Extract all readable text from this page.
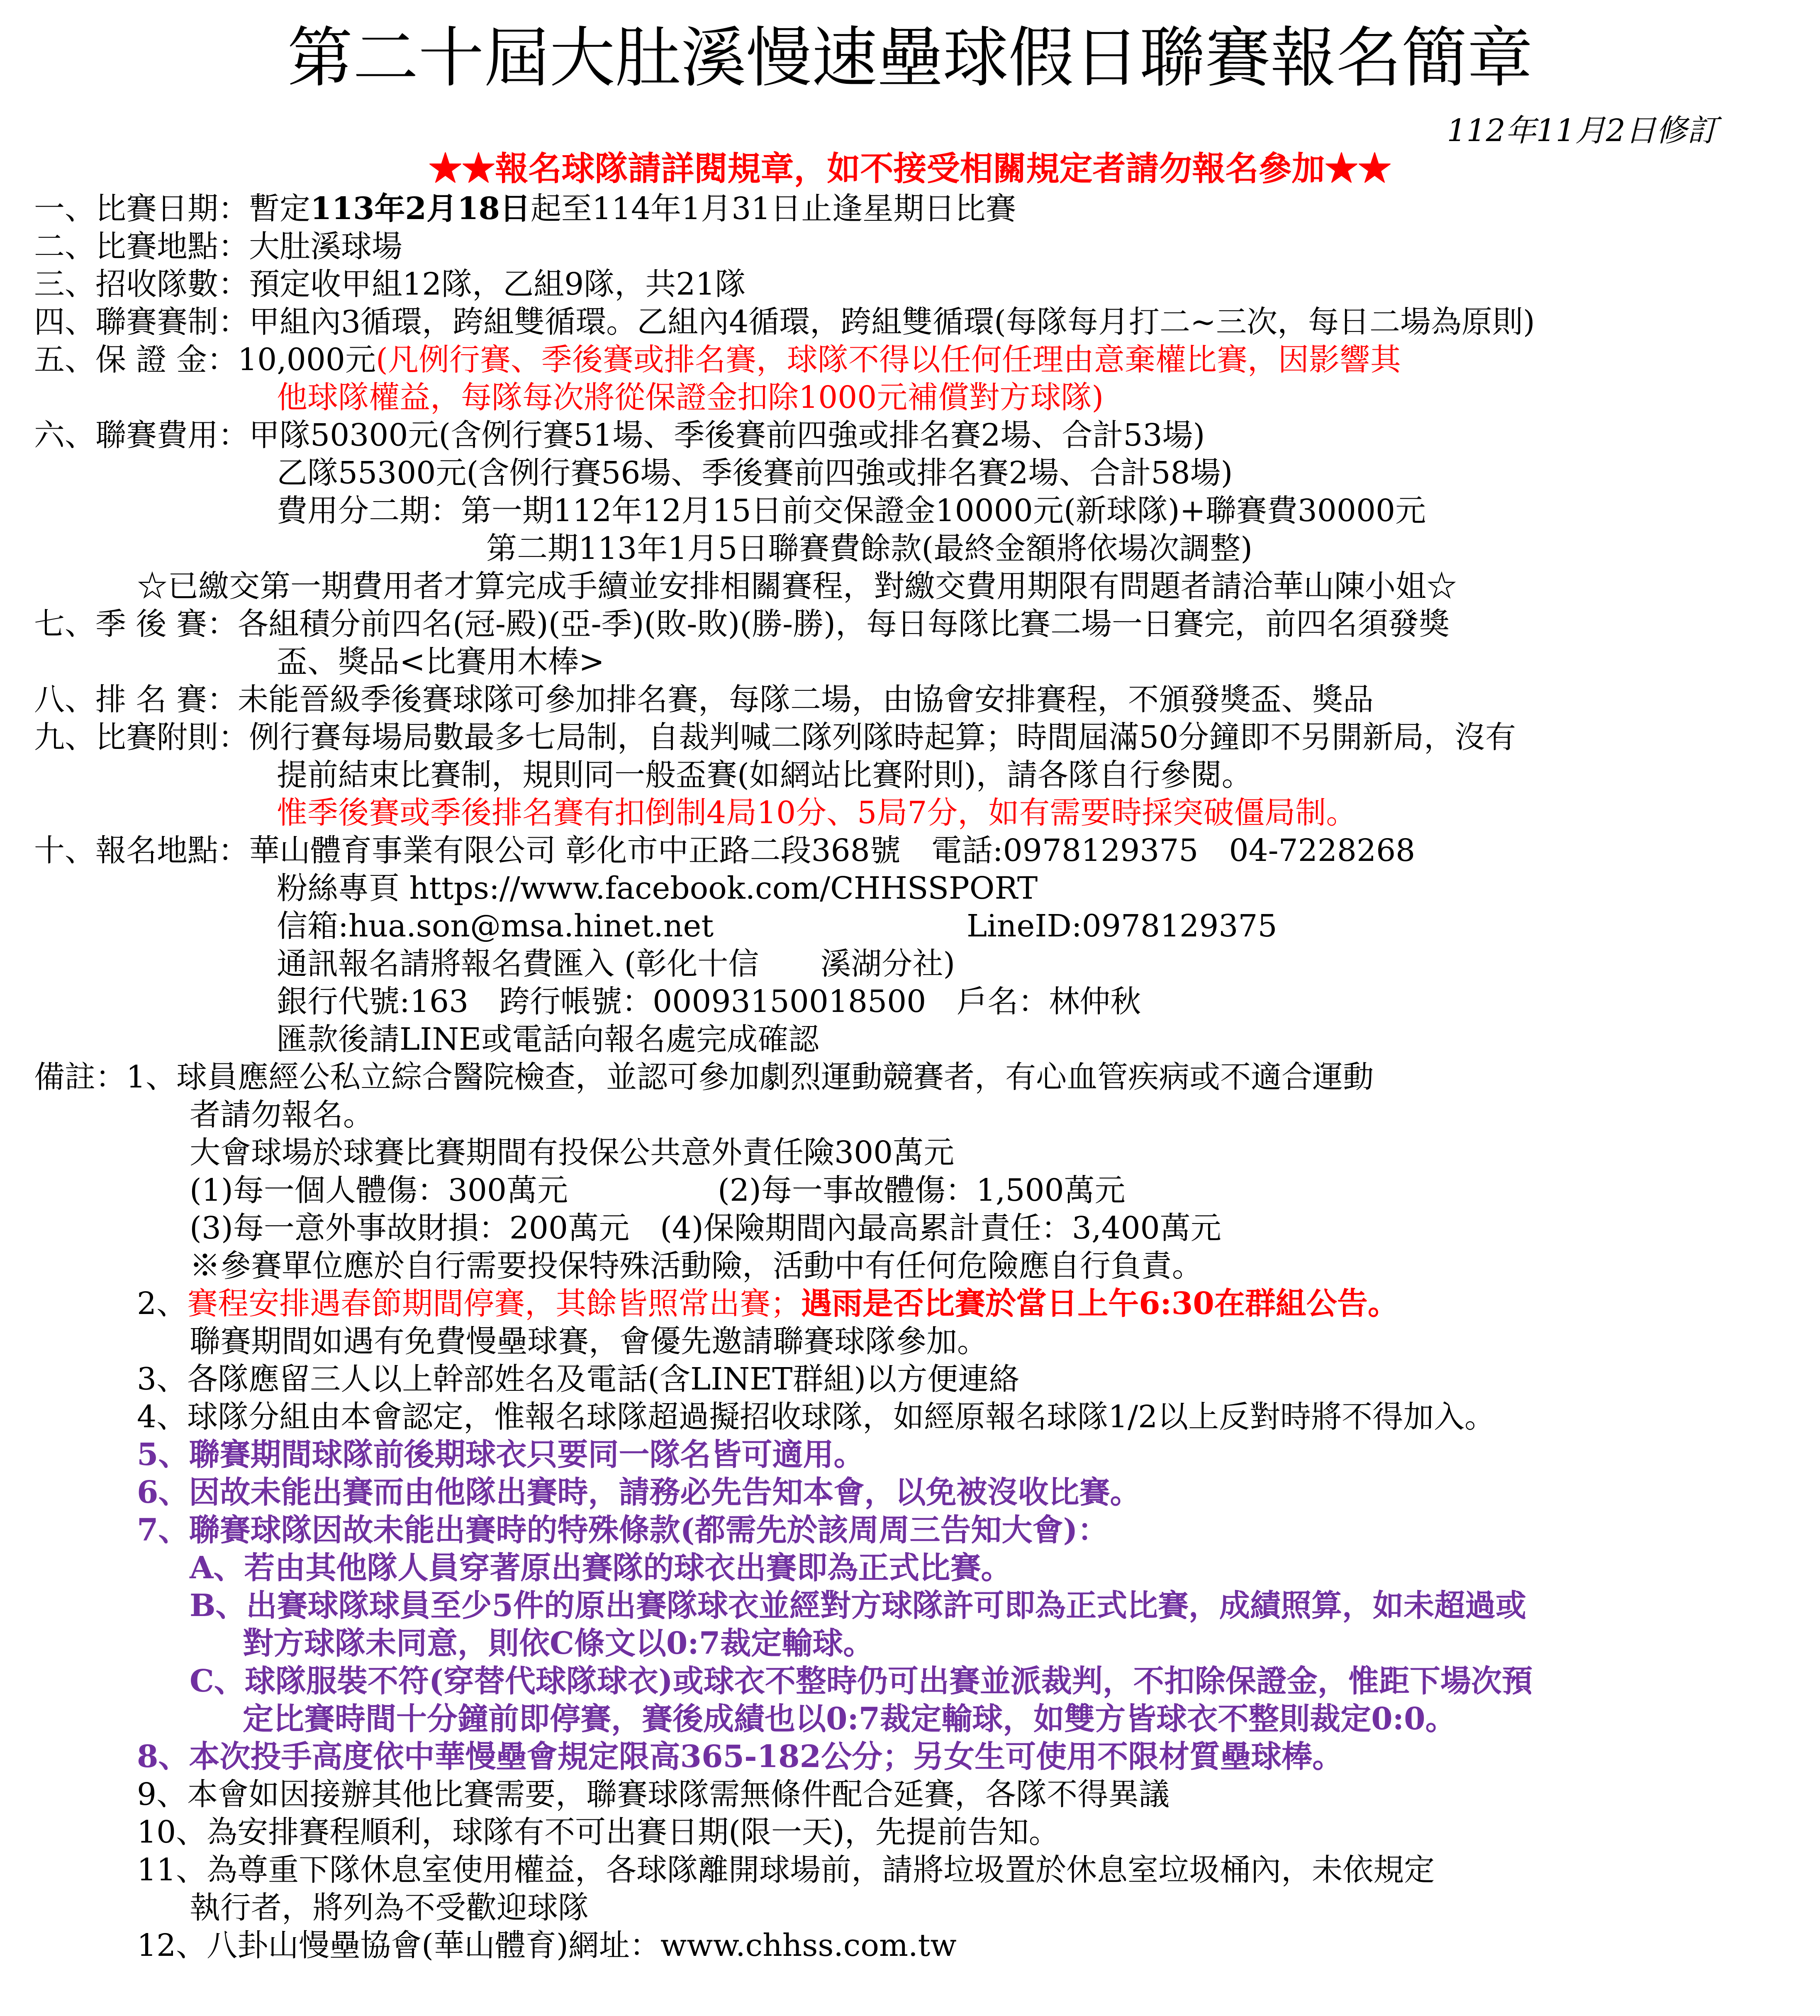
第二十屆大肚溪慢速壘球假日聯賽報名簡章
112年11月2日修訂
★★報名球隊請詳閱規章，如不接受相關規定者請勿報名參加★★
一、比賽日期：暫定113年2月18日起至114年1月31日止逢星期日比賽
二、比賽地點：大肚溪球場
三、招收隊數：預定收甲組12隊，乙組9隊，共21隊
四、聯賽賽制：甲組內3循環，跨組雙循環。乙組內4循環，跨組雙循環(每隊每月打二~三次，每日二場為原則)
五、保 證 金：10,000元(凡例行賽、季後賽或排名賽，球隊不得以任何任理由意棄權比賽，因影響其
他球隊權益，每隊每次將從保證金扣除1000元補償對方球隊)
六、聯賽費用：甲隊50300元(含例行賽51場、季後賽前四強或排名賽2場、合計53場)
乙隊55300元(含例行賽56場、季後賽前四強或排名賽2場、合計58場)
費用分二期：第一期112年12月15日前交保證金10000元(新球隊)+聯賽費30000元
第二期113年1月5日聯賽費餘款(最終金額將依場次調整)
☆已繳交第一期費用者才算完成手續並安排相關賽程，對繳交費用期限有問題者請洽華山陳小姐☆
七、季 後 賽：各組積分前四名(冠-殿)(亞-季)(敗-敗)(勝-勝)，每日每隊比賽二場一日賽完，前四名須發獎
盃、獎品<比賽用木棒>
八、排 名 賽：未能晉級季後賽球隊可參加排名賽，每隊二場，由協會安排賽程，不頒發獎盃、獎品
九、比賽附則：例行賽每場局數最多七局制，自裁判喊二隊列隊時起算；時間屆滿50分鐘即不另開新局，沒有
提前結束比賽制，規則同一般盃賽(如網站比賽附則)，請各隊自行參閱。
惟季後賽或季後排名賽有扣倒制4局10分、5局7分，如有需要時採突破僵局制。
十、報名地點：華山體育事業有限公司 彰化市中正路二段368號　電話:0978129375　04-7228268
粉絲專頁 https://www.facebook.com/CHHSSPORT
信箱:hua.son@msa.hinet.net	LineID:0978129375
通訊報名請將報名費匯入 (彰化十信　　溪湖分社)
銀行代號:163　跨行帳號：00093150018500　戶名：林仲秋
匯款後請LINE或電話向報名處完成確認
備註：1、球員應經公私立綜合醫院檢查，並認可參加劇烈運動競賽者，有心血管疾病或不適合運動
者請勿報名。
大會球場於球賽比賽期間有投保公共意外責任險300萬元
(1)每一個人體傷：300萬元	(2)每一事故體傷：1,500萬元
(3)每一意外事故財損：200萬元　(4)保險期間內最高累計責任：3,400萬元
※參賽單位應於自行需要投保特殊活動險，活動中有任何危險應自行負責。
2、賽程安排遇春節期間停賽，其餘皆照常出賽；遇雨是否比賽於當日上午6:30在群組公告。
聯賽期間如遇有免費慢壘球賽，會優先邀請聯賽球隊參加。
3、各隊應留三人以上幹部姓名及電話(含LINET群組)以方便連絡
4、球隊分組由本會認定，惟報名球隊超過擬招收球隊，如經原報名球隊1/2以上反對時將不得加入。
5、聯賽期間球隊前後期球衣只要同一隊名皆可適用。
6、因故未能出賽而由他隊出賽時，請務必先告知本會，以免被沒收比賽。
7、聯賽球隊因故未能出賽時的特殊條款(都需先於該周周三告知大會)：
A、若由其他隊人員穿著原出賽隊的球衣出賽即為正式比賽。
B、出賽球隊球員至少5件的原出賽隊球衣並經對方球隊許可即為正式比賽，成績照算，如未超過或
對方球隊未同意，則依C條文以0:7裁定輸球。
C、球隊服裝不符(穿替代球隊球衣)或球衣不整時仍可出賽並派裁判，不扣除保證金，惟距下場次預
定比賽時間十分鐘前即停賽，賽後成績也以0:7裁定輸球，如雙方皆球衣不整則裁定0:0。
8、本次投手高度依中華慢壘會規定限高365-182公分；另女生可使用不限材質壘球棒。
9、本會如因接辦其他比賽需要，聯賽球隊需無條件配合延賽，各隊不得異議
10、為安排賽程順利，球隊有不可出賽日期(限一天)，先提前告知。
11、為尊重下隊休息室使用權益，各球隊離開球場前，請將垃圾置於休息室垃圾桶內，未依規定
執行者，將列為不受歡迎球隊
12、八卦山慢壘協會(華山體育)網址：www.chhss.com.tw
